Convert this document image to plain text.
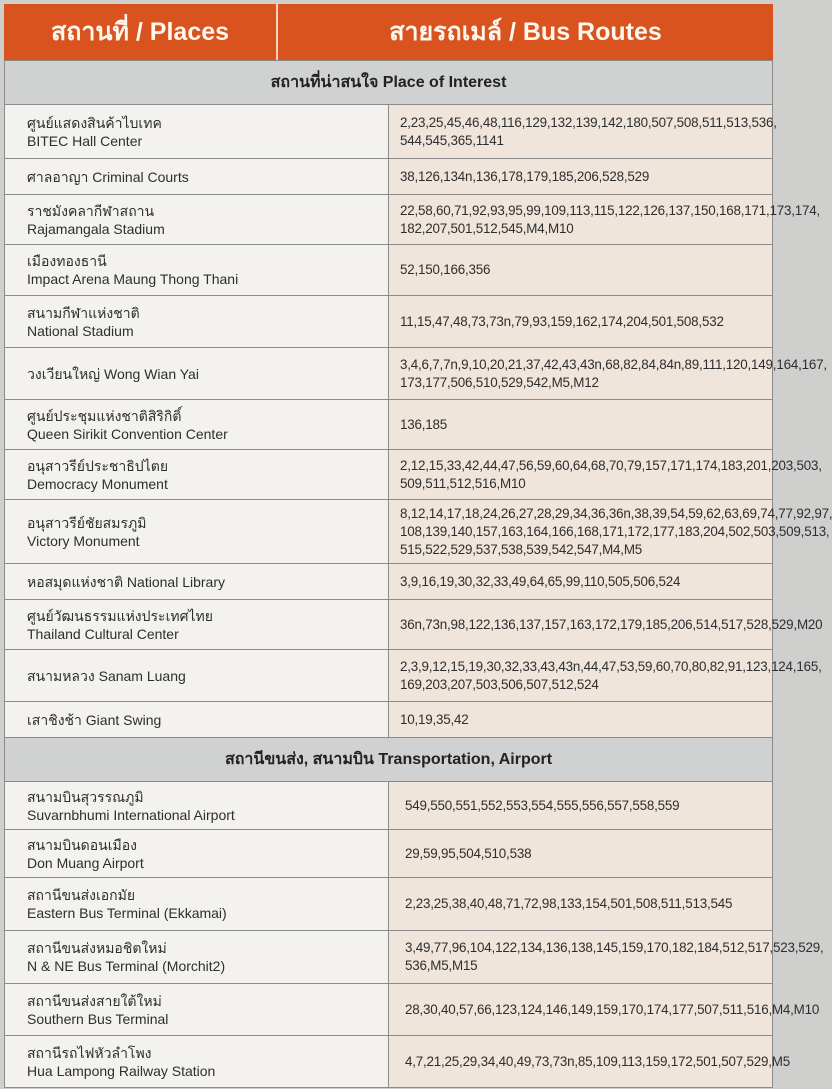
สถานที่ / Places	สายรถเมล์ / Bus Routes
สถานที่น่าสนใจ Place of Interest	

ศูนย์แสดงสินค้าไบเทค
BITEC Hall Center	2,23,25,45,46,48,116,129,132,139,142,180,507,508,511,513,536,
544,545,365,1141

ศาลอาญา Criminal Courts	38,126,134n,136,178,179,185,206,528,529

ราชมังคลากีฬาสถาน
Rajamangala Stadium	22,58,60,71,92,93,95,99,109,113,115,122,126,137,150,168,171,173,174,
182,207,501,512,545,M4,M10

เมืองทองธานี
Impact Arena Maung Thong Thani	52,150,166,356

สนามกีฬาแห่งชาติ
National Stadium	11,15,47,48,73,73n,79,93,159,162,174,204,501,508,532

วงเวียนใหญ่ Wong Wian Yai	3,4,6,7,7n,9,10,20,21,37,42,43,43n,68,82,84,84n,89,111,120,149,164,167,
173,177,506,510,529,542,M5,M12

ศูนย์ประชุมแห่งชาติสิริกิติ์
Queen Sirikit Convention Center	136,185

อนุสาวรีย์ประชาธิปไตย
Democracy Monument	2,12,15,33,42,44,47,56,59,60,64,68,70,79,157,171,174,183,201,203,503,
509,511,512,516,M10

อนุสาวรีย์ชัยสมรภูมิ
Victory Monument	8,12,14,17,18,24,26,27,28,29,34,36,36n,38,39,54,59,62,63,69,74,77,92,97,
108,139,140,157,163,164,166,168,171,172,177,183,204,502,503,509,513,
515,522,529,537,538,539,542,547,M4,M5

หอสมุดแห่งชาติ National Library	3,9,16,19,30,32,33,49,64,65,99,110,505,506,524

ศูนย์วัฒนธรรมแห่งประเทศไทย
Thailand Cultural Center	36n,73n,98,122,136,137,157,163,172,179,185,206,514,517,528,529,M20

สนามหลวง Sanam Luang	2,3,9,12,15,19,30,32,33,43,43n,44,47,53,59,60,70,80,82,91,123,124,165,
169,203,207,503,506,507,512,524

เสาชิงช้า Giant Swing	10,19,35,42

สถานีขนส่ง, สนามบิน Transportation, Airport	

สนามบินสุวรรณภูมิ
Suvarnbhumi International Airport	549,550,551,552,553,554,555,556,557,558,559

สนามบินดอนเมือง
Don Muang Airport	29,59,95,504,510,538

สถานีขนส่งเอกมัย
Eastern Bus Terminal (Ekkamai)	2,23,25,38,40,48,71,72,98,133,154,501,508,511,513,545

สถานีขนส่งหมอชิตใหม่
N & NE Bus Terminal (Morchit2)	3,49,77,96,104,122,134,136,138,145,159,170,182,184,512,517,523,529,
536,M5,M15

สถานีขนส่งสายใต้ใหม่
Southern Bus Terminal	28,30,40,57,66,123,124,146,149,159,170,174,177,507,511,516,M4,M10

สถานีรถไฟหัวลำโพง
Hua Lampong Railway Station	4,7,21,25,29,34,40,49,73,73n,85,109,113,159,172,501,507,529,M5
